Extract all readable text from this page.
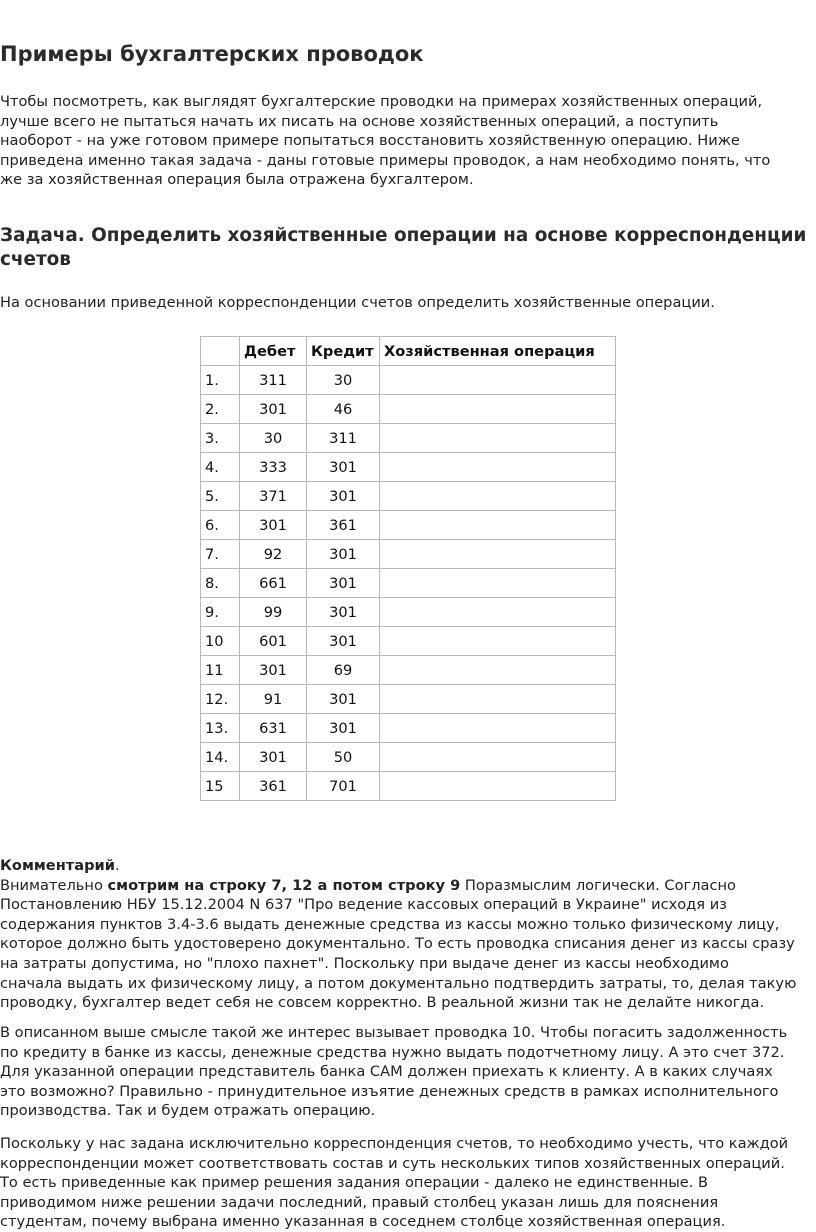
Примеры бухгалтерских проводок
Чтобы посмотреть, как выглядят бухгалтерские проводки на примерах хозяйственных операций,
лучше всего не пытаться начать их писать на основе хозяйственных операций, а поступить
наоборот - на уже готовом примере попытаться восстановить хозяйственную операцию. Ниже
приведена именно такая задача - даны готовые примеры проводок, а нам необходимо понять, что
же за хозяйственная операция была отражена бухгалтером.
Задача. Определить хозяйственные операции на основе корреспонденции
счетов
На основании приведенной корреспонденции счетов определить хозяйственные операции.
	Дебет	Кредит	Хозяйственная операция
1.	311	30	
2.	301	46	
3.	30	311	
4.	333	301	
5.	371	301	
6.	301	361	
7.	92	301	
8.	661	301	
9.	99	301	
10	601	301	
11	301	69	
12.	91	301	
13.	631	301	
14.	301	50	
15	361	701	
Комментарий.
Внимательно смотрим на строку 7, 12 а потом строку 9 Поразмыслим логически. Согласно
Постановлению НБУ 15.12.2004 N 637 "Про ведение кассовых операций в Украине" исходя из
содержания пунктов 3.4-3.6 выдать денежные средства из кассы можно только физическому лицу,
которое должно быть удостоверено документально. То есть проводка списания денег из кассы сразу
на затраты допустима, но "плохо пахнет". Поскольку при выдаче денег из кассы необходимо
сначала выдать их физическому лицу, а потом документально подтвердить затраты, то, делая такую
проводку, бухгалтер ведет себя не совсем корректно. В реальной жизни так не делайте никогда.
В описанном выше смысле такой же интерес вызывает проводка 10. Чтобы погасить задолженность
по кредиту в банке из кассы, денежные средства нужно выдать подотчетному лицу. А это счет 372.
Для указанной операции представитель банка САМ должен приехать к клиенту. А в каких случаях
это возможно? Правильно - принудительное изъятие денежных средств в рамках исполнительного
производства. Так и будем отражать операцию.
Поскольку у нас задана исключительно корреспонденция счетов, то необходимо учесть, что каждой
корреспонденции может соответствовать состав и суть нескольких типов хозяйственных операций.
То есть приведенные как пример решения задания операции - далеко не единственные. В
приводимом ниже решении задачи последний, правый столбец указан лишь для пояснения
студентам, почему выбрана именно указанная в соседнем столбце хозяйственная операция.
